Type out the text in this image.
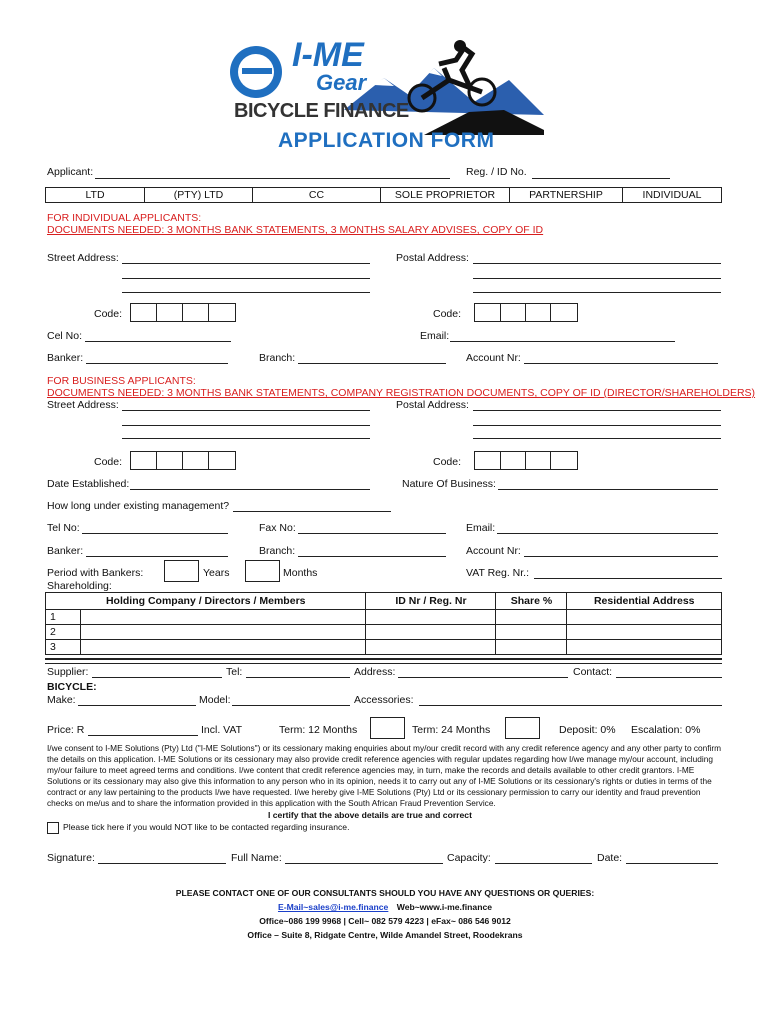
I-ME
Gear
BICYCLE FINANCE
APPLICATION FORM
Applicant:	Reg. / ID No.
LTD	(PTY) LTD	CC	SOLE PROPRIETOR	PARTNERSHIP	INDIVIDUAL
FOR INDIVIDUAL APPLICANTS:
DOCUMENTS NEEDED: 3 MONTHS BANK STATEMENTS, 3 MONTHS SALARY ADVISES, COPY OF ID
Street Address:	Postal Address:
Code:	Code:
Cel No:	Email:
Banker:	Branch:	Account Nr:
FOR BUSINESS APPLICANTS:
DOCUMENTS NEEDED: 3 MONTHS BANK STATEMENTS, COMPANY REGISTRATION DOCUMENTS, COPY OF ID (DIRECTOR/SHAREHOLDERS)
Street Address:	Postal Address:
Code:	Code:
Date Established:	Nature Of Business:
How long under existing management?
Tel No:	Fax No:	Email:
Banker:	Branch:	Account Nr:
Period with Bankers:	Years	Months	VAT Reg. Nr.:
Shareholding:
Holding Company / Directors / Members		ID Nr / Reg. Nr	Share %	Residential Address
1				
2				
3				
Supplier:	Tel:	Address:	Contact:
BICYCLE:
Make:	Model:	Accessories:
Price: R	Incl. VAT	Term: 12 Months	Term: 24 Months	Deposit: 0% Escalation: 0%
I/we consent to I-ME Solutions (Pty) Ltd ("I-ME Solutions") or its cessionary making enquiries about my/our credit record with any credit reference agency and any other party to confirm the details on this application. I-ME Solutions or its cessionary may also provide credit reference agencies with regular updates regarding how I/we manage my/our account, including my/our failure to meet agreed terms and conditions. I/we content that credit reference agencies may, in turn, make the records and details available to other credit grantors. I-ME Solutions or its cessionary may also give this information to any person who in its opinion, needs it to carry out any of I-ME Solutions or its cessionary's rights or duties in terms of the contract or any law pertaining to the products I/we have requested. I/we hereby give I-ME Solutions (Pty) Ltd or its cessionary permission to carry our identity and fraud prevention checks on me/us and to share the information provided in this application with the South African Fraud Prevention Service.
I certify that the above details are true and correct
Please tick here if you would NOT like to be contacted regarding insurance.
Signature:	Full Name:	Capacity:	Date:
PLEASE CONTACT ONE OF OUR CONSULTANTS SHOULD YOU HAVE ANY QUESTIONS OR QUERIES:
E-Mail~sales@i-me.finance Web~www.i-me.finance
Office~086 199 9968 | Cell~ 082 579 4223 | eFax~ 086 546 9012
Office – Suite 8, Ridgate Centre, Wilde Amandel Street, Roodekrans
